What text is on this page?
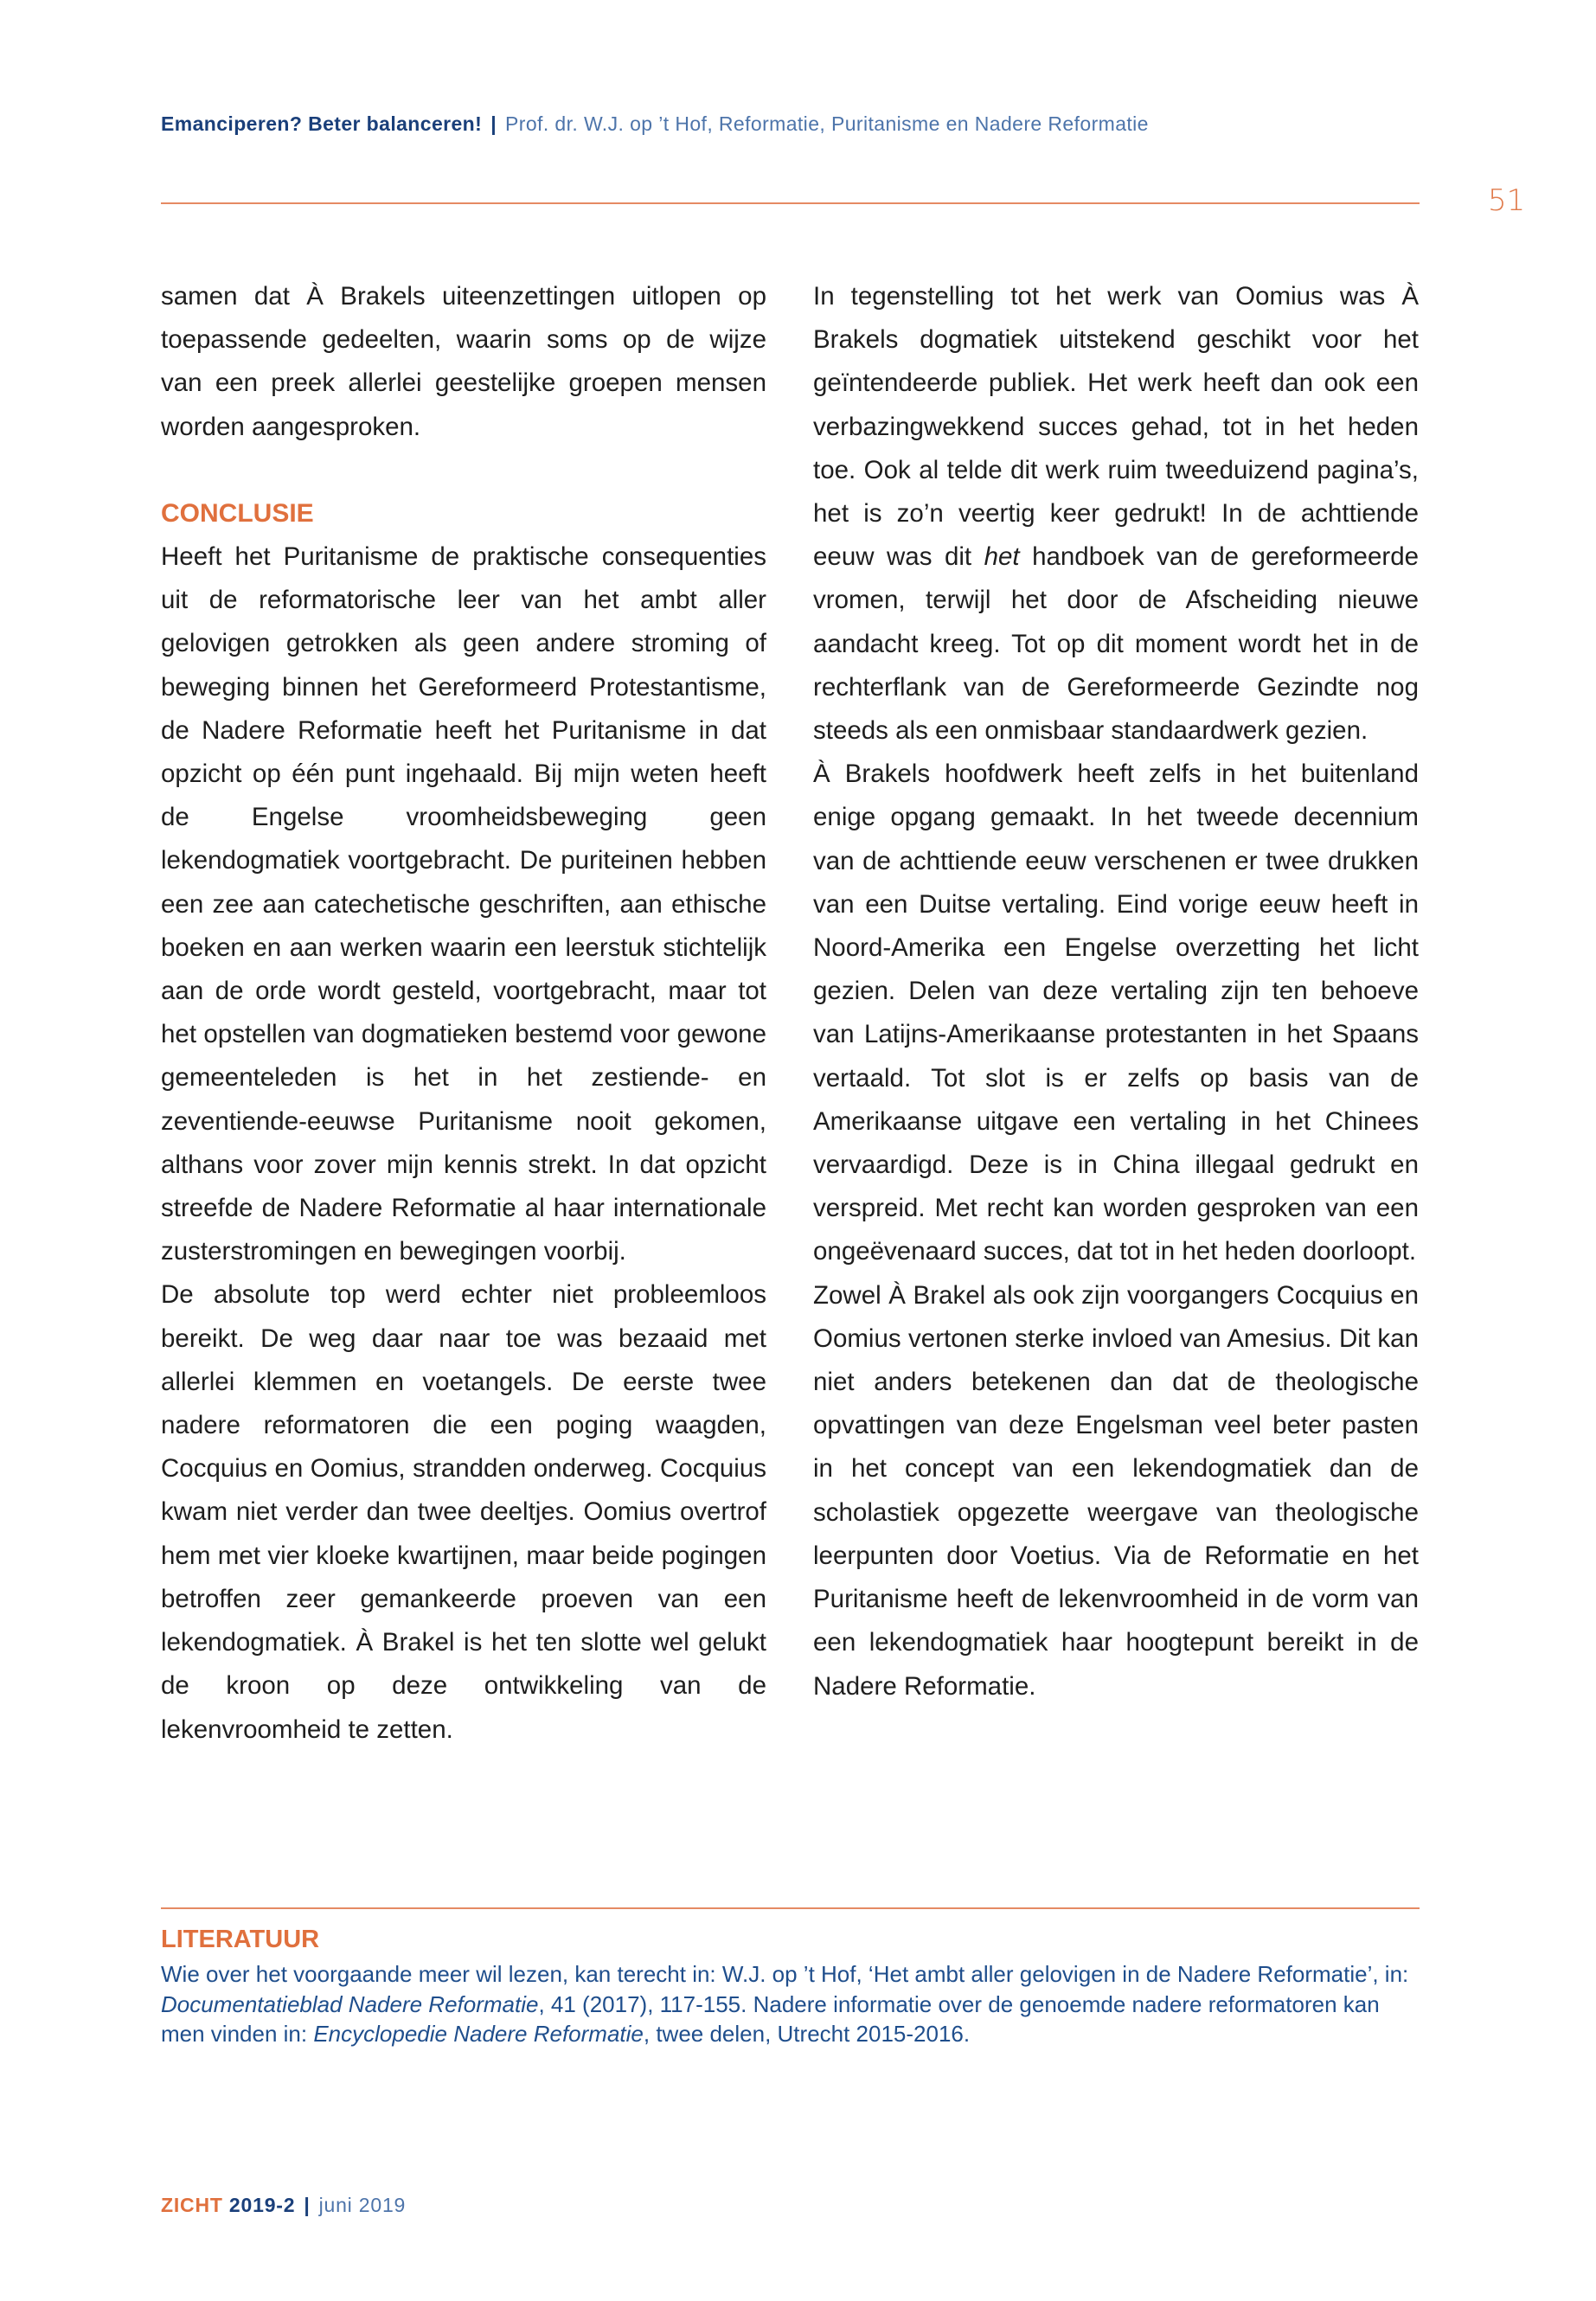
Emanciperen? Beter balanceren! | Prof. dr. W.J. op ’t Hof, Reformatie, Puritanisme en Nadere Reformatie
51

samen dat À Brakels uiteenzettingen uitlopen op toepassende gedeelten, waarin soms op de wijze van een preek allerlei geestelijke groepen mensen worden aangesproken.

CONCLUSIE

Heeft het Puritanisme de praktische consequenties uit de reformatorische leer van het ambt aller gelovigen getrokken als geen andere stroming of beweging binnen het Gereformeerd Protestantisme, de Nadere Reformatie heeft het Puritanisme in dat opzicht op één punt ingehaald. Bij mijn weten heeft de Engelse vroomheidsbeweging geen lekendogmatiek voortgebracht. De puriteinen hebben een zee aan catechetische geschriften, aan ethische boeken en aan werken waarin een leerstuk stichtelijk aan de orde wordt gesteld, voortgebracht, maar tot het opstellen van dogmatieken bestemd voor gewone gemeenteleden is het in het zestiende- en zeventiende-eeuwse Puritanisme nooit gekomen, althans voor zover mijn kennis strekt. In dat opzicht streefde de Nadere Reformatie al haar internationale zusterstromingen en bewegingen voorbij.

De absolute top werd echter niet probleemloos bereikt. De weg daar naar toe was bezaaid met allerlei klemmen en voetangels. De eerste twee nadere reformatoren die een poging waagden, Cocquius en Oomius, strandden onderweg. Cocquius kwam niet verder dan twee deeltjes. Oomius overtrof hem met vier kloeke kwartijnen, maar beide pogingen betroffen zeer gemankeerde proeven van een lekendogmatiek. À Brakel is het ten slotte wel gelukt de kroon op deze ontwikkeling van de lekenvroomheid te zetten.

In tegenstelling tot het werk van Oomius was À Brakels dogmatiek uitstekend geschikt voor het geïntendeerde publiek. Het werk heeft dan ook een verbazingwekkend succes gehad, tot in het heden toe. Ook al telde dit werk ruim tweeduizend pagina’s, het is zo’n veertig keer gedrukt! In de achttiende eeuw was dit het handboek van de gereformeerde vromen, terwijl het door de Afscheiding nieuwe aandacht kreeg. Tot op dit moment wordt het in de rechterflank van de Gereformeerde Gezindte nog steeds als een onmisbaar standaardwerk gezien.

À Brakels hoofdwerk heeft zelfs in het buitenland enige opgang gemaakt. In het tweede decennium van de achttiende eeuw verschenen er twee drukken van een Duitse vertaling. Eind vorige eeuw heeft in Noord-Amerika een Engelse overzetting het licht gezien. Delen van deze vertaling zijn ten behoeve van Latijns-Amerikaanse protestanten in het Spaans vertaald. Tot slot is er zelfs op basis van de Amerikaanse uitgave een vertaling in het Chinees vervaardigd. Deze is in China illegaal gedrukt en verspreid. Met recht kan worden gesproken van een ongeëvenaard succes, dat tot in het heden doorloopt.

Zowel À Brakel als ook zijn voorgangers Cocquius en Oomius vertonen sterke invloed van Amesius. Dit kan niet anders betekenen dan dat de theologische opvattingen van deze Engelsman veel beter pasten in het concept van een lekendogmatiek dan de scholastiek opgezette weergave van theologische leerpunten door Voetius. Via de Reformatie en het Puritanisme heeft de lekenvroomheid in de vorm van een lekendogmatiek haar hoogtepunt bereikt in de Nadere Reformatie.

LITERATUUR
Wie over het voorgaande meer wil lezen, kan terecht in: W.J. op ’t Hof, ‘Het ambt aller gelovigen in de Nadere Reformatie’, in: Documentatieblad Nadere Reformatie, 41 (2017), 117-155. Nadere informatie over de genoemde nadere reformatoren kan men vinden in: Encyclopedie Nadere Reformatie, twee delen, Utrecht 2015-2016.
ZICHT 2019-2 | juni 2019
